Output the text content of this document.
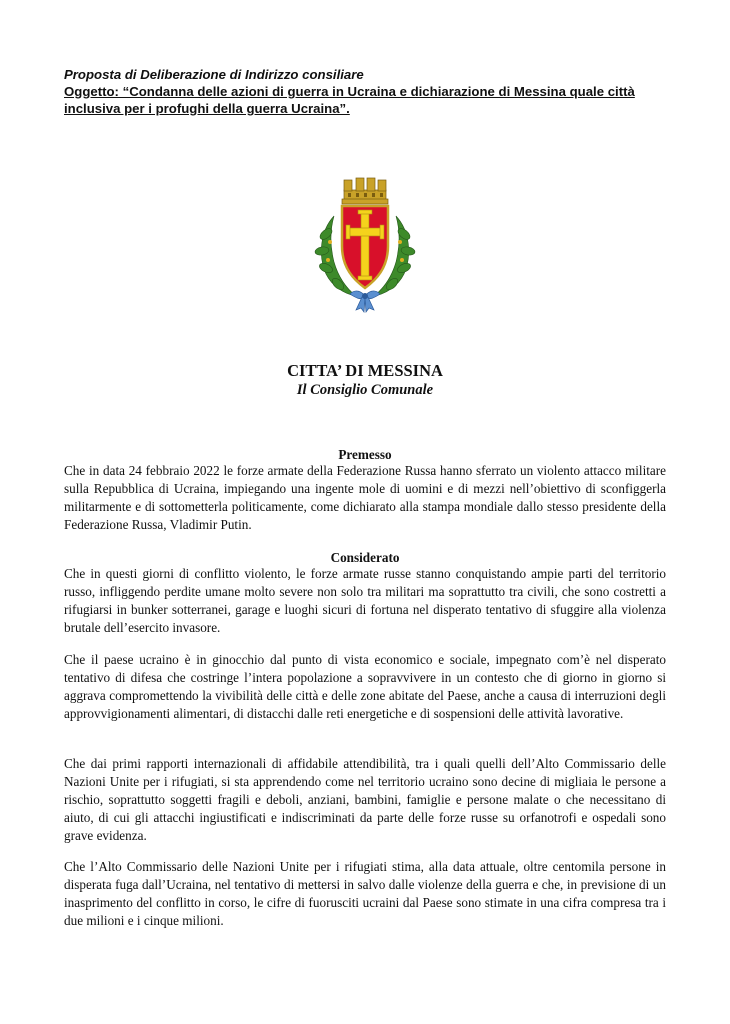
Proposta di Deliberazione di Indirizzo consiliare
Oggetto: “Condanna delle azioni di guerra in Ucraina e dichiarazione di Messina quale città inclusiva per i profughi della guerra Ucraina”.
CITTA’ DI MESSINA
Il Consiglio Comunale
Premesso
Che in data 24 febbraio 2022 le forze armate della Federazione Russa hanno sferrato un violento attacco militare sulla Repubblica di Ucraina, impiegando una ingente mole di uomini e di mezzi nell’obiettivo di sconfiggerla militarmente e di sottometterla politicamente, come dichiarato alla stampa mondiale dallo stesso presidente della Federazione Russa, Vladimir Putin.
Considerato
Che in questi giorni di conflitto violento, le forze armate russe stanno conquistando ampie parti del territorio russo, infliggendo perdite umane molto severe non solo tra militari ma soprattutto tra civili, che sono costretti a rifugiarsi in bunker sotterranei, garage e luoghi sicuri di fortuna nel disperato tentativo di sfuggire alla violenza brutale dell’esercito invasore.
Che il paese ucraino è in ginocchio dal punto di vista economico e sociale, impegnato com’è nel disperato tentativo di difesa che costringe l’intera popolazione a sopravvivere in un contesto che di giorno in giorno si aggrava compromettendo la vivibilità delle città e delle zone abitate del Paese, anche a causa di interruzioni degli approvvigionamenti alimentari, di distacchi dalle reti energetiche e di sospensioni delle attività lavorative.
Che dai primi rapporti internazionali di affidabile attendibilità, tra i quali quelli dell’Alto Commissario delle Nazioni Unite per i rifugiati, si sta apprendendo come nel territorio ucraino sono decine di migliaia le persone a rischio, soprattutto soggetti fragili e deboli, anziani, bambini, famiglie e persone malate o che necessitano di aiuto, di cui gli attacchi ingiustificati e indiscriminati da parte delle forze russe su orfanotrofi e ospedali sono grave evidenza.
Che l’Alto Commissario delle Nazioni Unite per i rifugiati stima, alla data attuale, oltre centomila persone in disperata fuga dall’Ucraina, nel tentativo di mettersi in salvo dalle violenze della guerra e che, in previsione di un inasprimento del conflitto in corso, le cifre di fuorusciti ucraini dal Paese sono stimate in una cifra compresa tra i due milioni e i cinque milioni.
